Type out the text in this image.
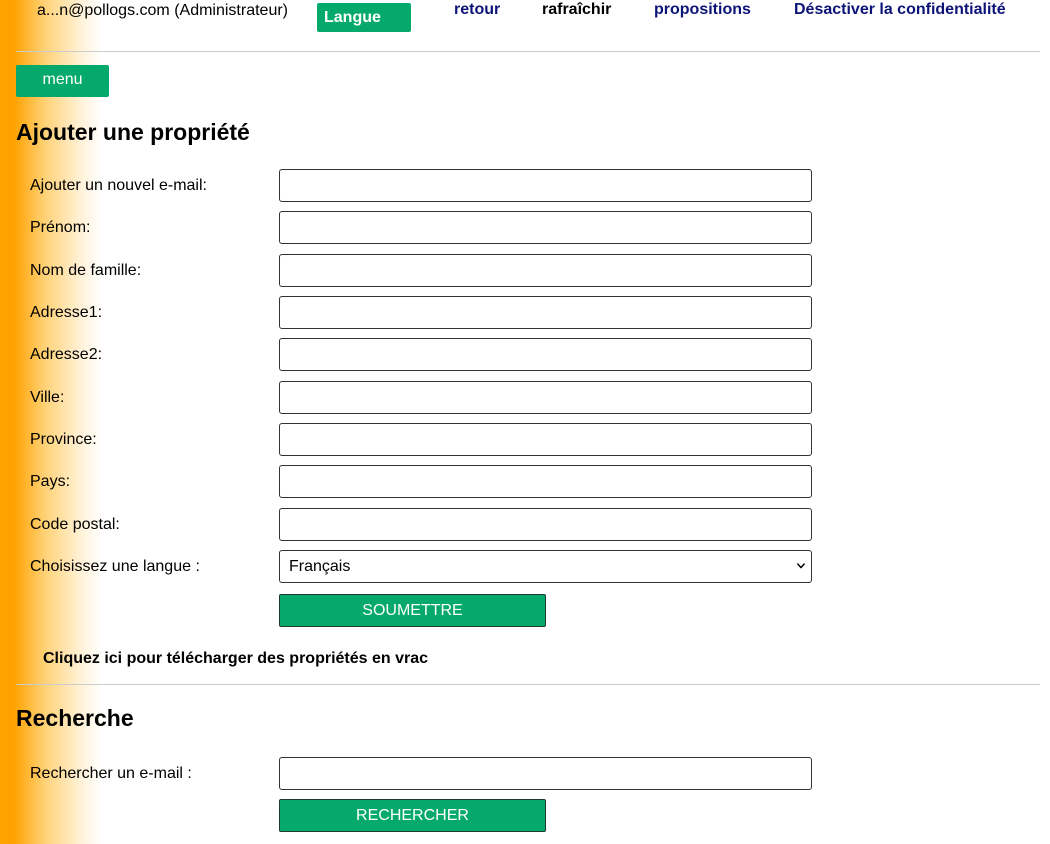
a...n@pollogs.com (Administrateur)	Langue	retour	rafraîchir	propositions	Désactiver la confidentialité
menu
Ajouter une propriété
Ajouter un nouvel e-mail:
Prénom:
Nom de famille:
Adresse1:
Adresse2:
Ville:
Province:
Pays:
Code postal:
Choisissez une langue :	Français
SOUMETTRE
Cliquez ici pour télécharger des propriétés en vrac
Recherche
Rechercher un e-mail :
RECHERCHER
